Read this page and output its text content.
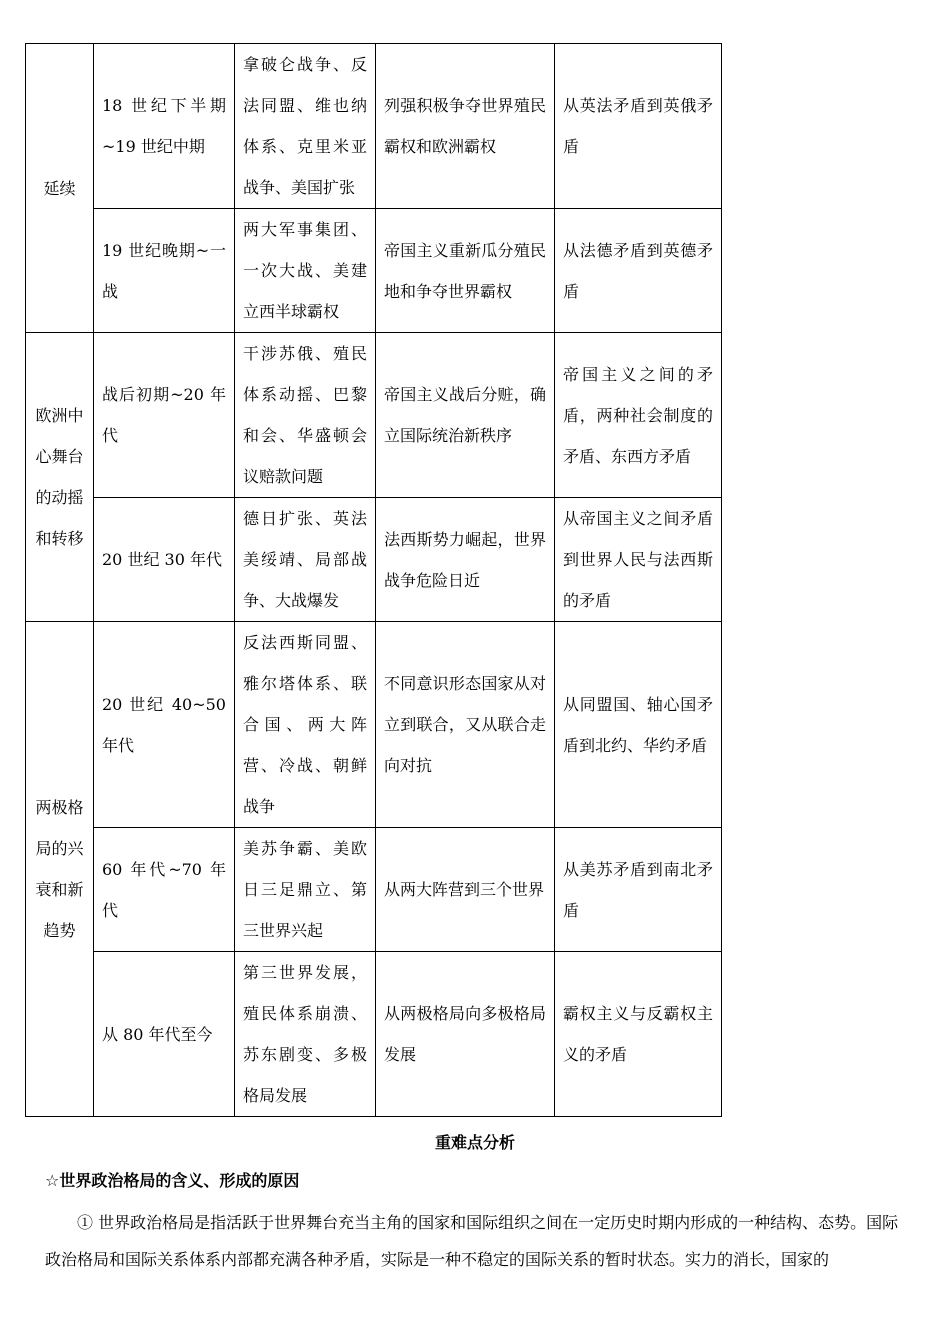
延续	18 世纪下半期~19 世纪中期	拿破仑战争、反法同盟、维也纳体系、克里米亚战争、美国扩张	列强积极争夺世界殖民霸权和欧洲霸权	从英法矛盾到英俄矛盾
	19 世纪晚期~一战	两大军事集团、一次大战、美建立西半球霸权	帝国主义重新瓜分殖民地和争夺世界霸权	从法德矛盾到英德矛盾
欧洲中心舞台的动摇和转移	战后初期~20 年代	干涉苏俄、殖民体系动摇、巴黎和会、华盛顿会议赔款问题	帝国主义战后分赃，确立国际统治新秩序	帝国主义之间的矛盾，两种社会制度的矛盾、东西方矛盾
	20 世纪 30 年代	德日扩张、英法美绥靖、局部战争、大战爆发	法西斯势力崛起，世界战争危险日近	从帝国主义之间矛盾到世界人民与法西斯的矛盾
两极格局的兴衰和新趋势	20 世纪 40~50 年代	反法西斯同盟、雅尔塔体系、联合国、两大阵营、冷战、朝鲜战争	不同意识形态国家从对立到联合，又从联合走向对抗	从同盟国、轴心国矛盾到北约、华约矛盾
	60 年代~70 年代	美苏争霸、美欧日三足鼎立、第三世界兴起	从两大阵营到三个世界	从美苏矛盾到南北矛盾
	从 80 年代至今	第三世界发展，殖民体系崩溃、苏东剧变、多极格局发展	从两极格局向多极格局发展	霸权主义与反霸权主义的矛盾
重难点分析
☆世界政治格局的含义、形成的原因
① 世界政治格局是指活跃于世界舞台充当主角的国家和国际组织之间在一定历史时期内形成的一种结构、态势。国际政治格局和国际关系体系内部都充满各种矛盾，实际是一种不稳定的国际关系的暂时状态。实力的消长，国家的
